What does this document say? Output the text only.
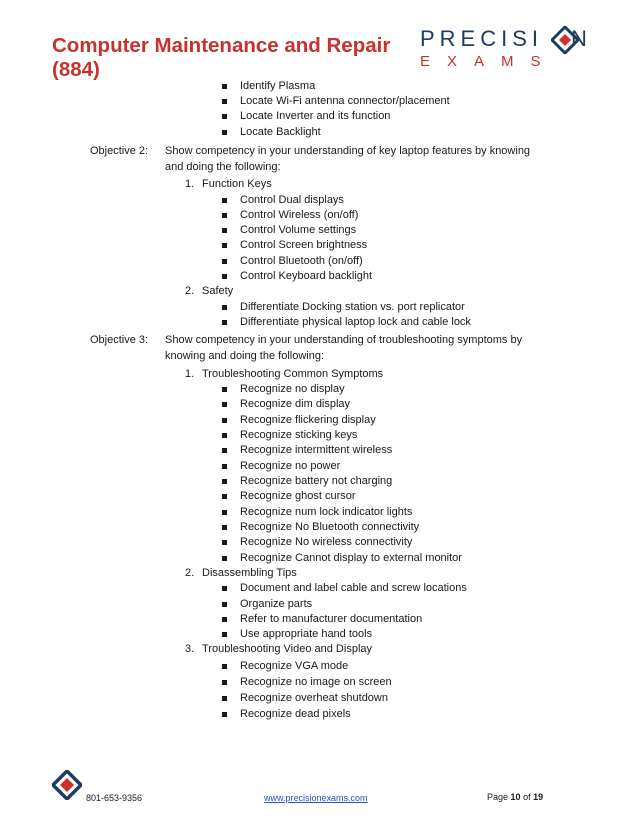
Computer Maintenance and Repair (884)
PRECISI N
EXAMS
Identify Plasma
Locate Wi-Fi antenna connector/placement
Locate Inverter and its function
Locate Backlight
Objective 2: Show competency in your understanding of key laptop features by knowing and doing the following:
1. Function Keys
Control Dual displays
Control Wireless (on/off)
Control Volume settings
Control Screen brightness
Control Bluetooth (on/off)
Control Keyboard backlight
2. Safety
Differentiate Docking station vs. port replicator
Differentiate physical laptop lock and cable lock
Objective 3: Show competency in your understanding of troubleshooting symptoms by knowing and doing the following:
1. Troubleshooting Common Symptoms
Recognize no display
Recognize dim display
Recognize flickering display
Recognize sticking keys
Recognize intermittent wireless
Recognize no power
Recognize battery not charging
Recognize ghost cursor
Recognize num lock indicator lights
Recognize No Bluetooth connectivity
Recognize No wireless connectivity
Recognize Cannot display to external monitor
2. Disassembling Tips
Document and label cable and screw locations
Organize parts
Refer to manufacturer documentation
Use appropriate hand tools
3. Troubleshooting Video and Display
Recognize VGA mode
Recognize no image on screen
Recognize overheat shutdown
Recognize dead pixels
801-653-9356	www.precisionexams.com	Page 10 of 19
